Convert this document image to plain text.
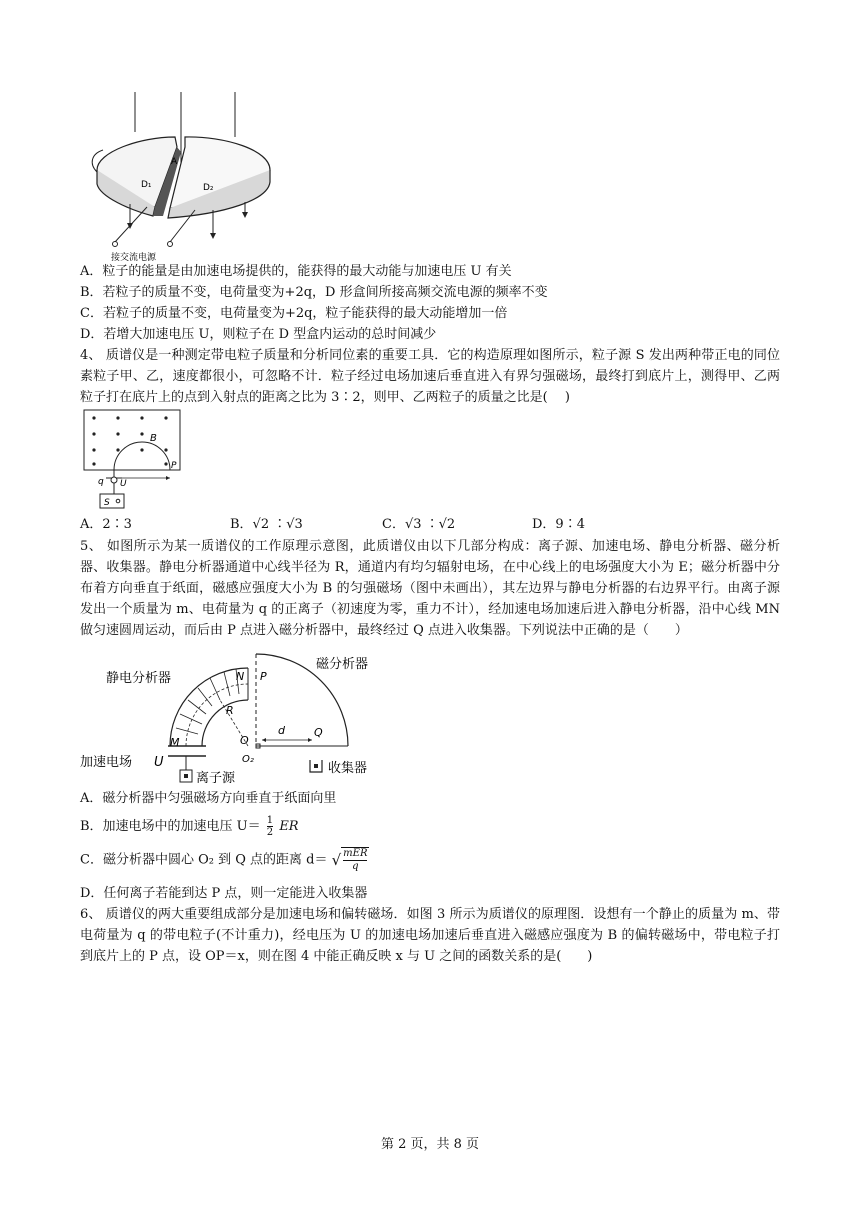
A
D₁	D₂
接交流电源
A．粒子的能量是由加速电场提供的，能获得的最大动能与加速电压 U 有关
B．若粒子的质量不变，电荷量变为+2q，D 形盒间所接高频交流电源的频率不变
C．若粒子的质量不变，电荷量变为+2q，粒子能获得的最大动能增加一倍
D．若增大加速电压 U，则粒子在 D 型盒内运动的总时间减少
4、 质谱仪是一种测定带电粒子质量和分析同位素的重要工具．它的构造原理如图所示，粒子源 S 发出两种带正电的同位素粒子甲、乙，速度都很小，可忽略不计．粒子经过电场加速后垂直进入有界匀强磁场，最终打到底片上，测得甲、乙两粒子打在底片上的点到入射点的距离之比为 3∶2，则甲、乙两粒子的质量之比是(　 )
B
P
q U
S
A．2∶3	B．√2 ∶√3	C．√3 ∶√2	D．9∶4
5、 如图所示为某一质谱仪的工作原理示意图，此质谱仪由以下几部分构成：离子源、加速电场、静电分析器、磁分析器、收集器。静电分析器通道中心线半径为 R，通道内有均匀辐射电场，在中心线上的电场强度大小为 E；磁分析器中分布着方向垂直于纸面，磁感应强度大小为 B 的匀强磁场（图中未画出），其左边界与静电分析器的右边界平行。由离子源发出一个质量为 m、电荷量为 q 的正离子（初速度为零，重力不计），经加速电场加速后进入静电分析器，沿中心线 MN 做匀速圆周运动，而后由 P 点进入磁分析器中，最终经过 Q 点进入收集器。下列说法中正确的是（　　）
静电分析器
磁分析器
加速电场
离子源
收集器
N P
R
d	Q
O
O₂
M
U
A．磁分析器中匀强磁场方向垂直于纸面向里
B．加速电场中的加速电压 $U= \frac{1}{2}$ ER
C．磁分析器中圆心 O₂ 到 Q 点的距离 d＝ √ mER
q
D．任何离子若能到达 P 点，则一定能进入收集器
6、 质谱仪的两大重要组成部分是加速电场和偏转磁场．如图 3 所示为质谱仪的原理图．设想有一个静止的质量为 m、带电荷量为 q 的带电粒子(不计重力)，经电压为 U 的加速电场加速后垂直进入磁感应强度为 B 的偏转磁场中，带电粒子打到底片上的 P 点，设 OP＝x，则在图 4 中能正确反映 x 与 U 之间的函数关系的是(　　)
第 2 页，共 8 页
